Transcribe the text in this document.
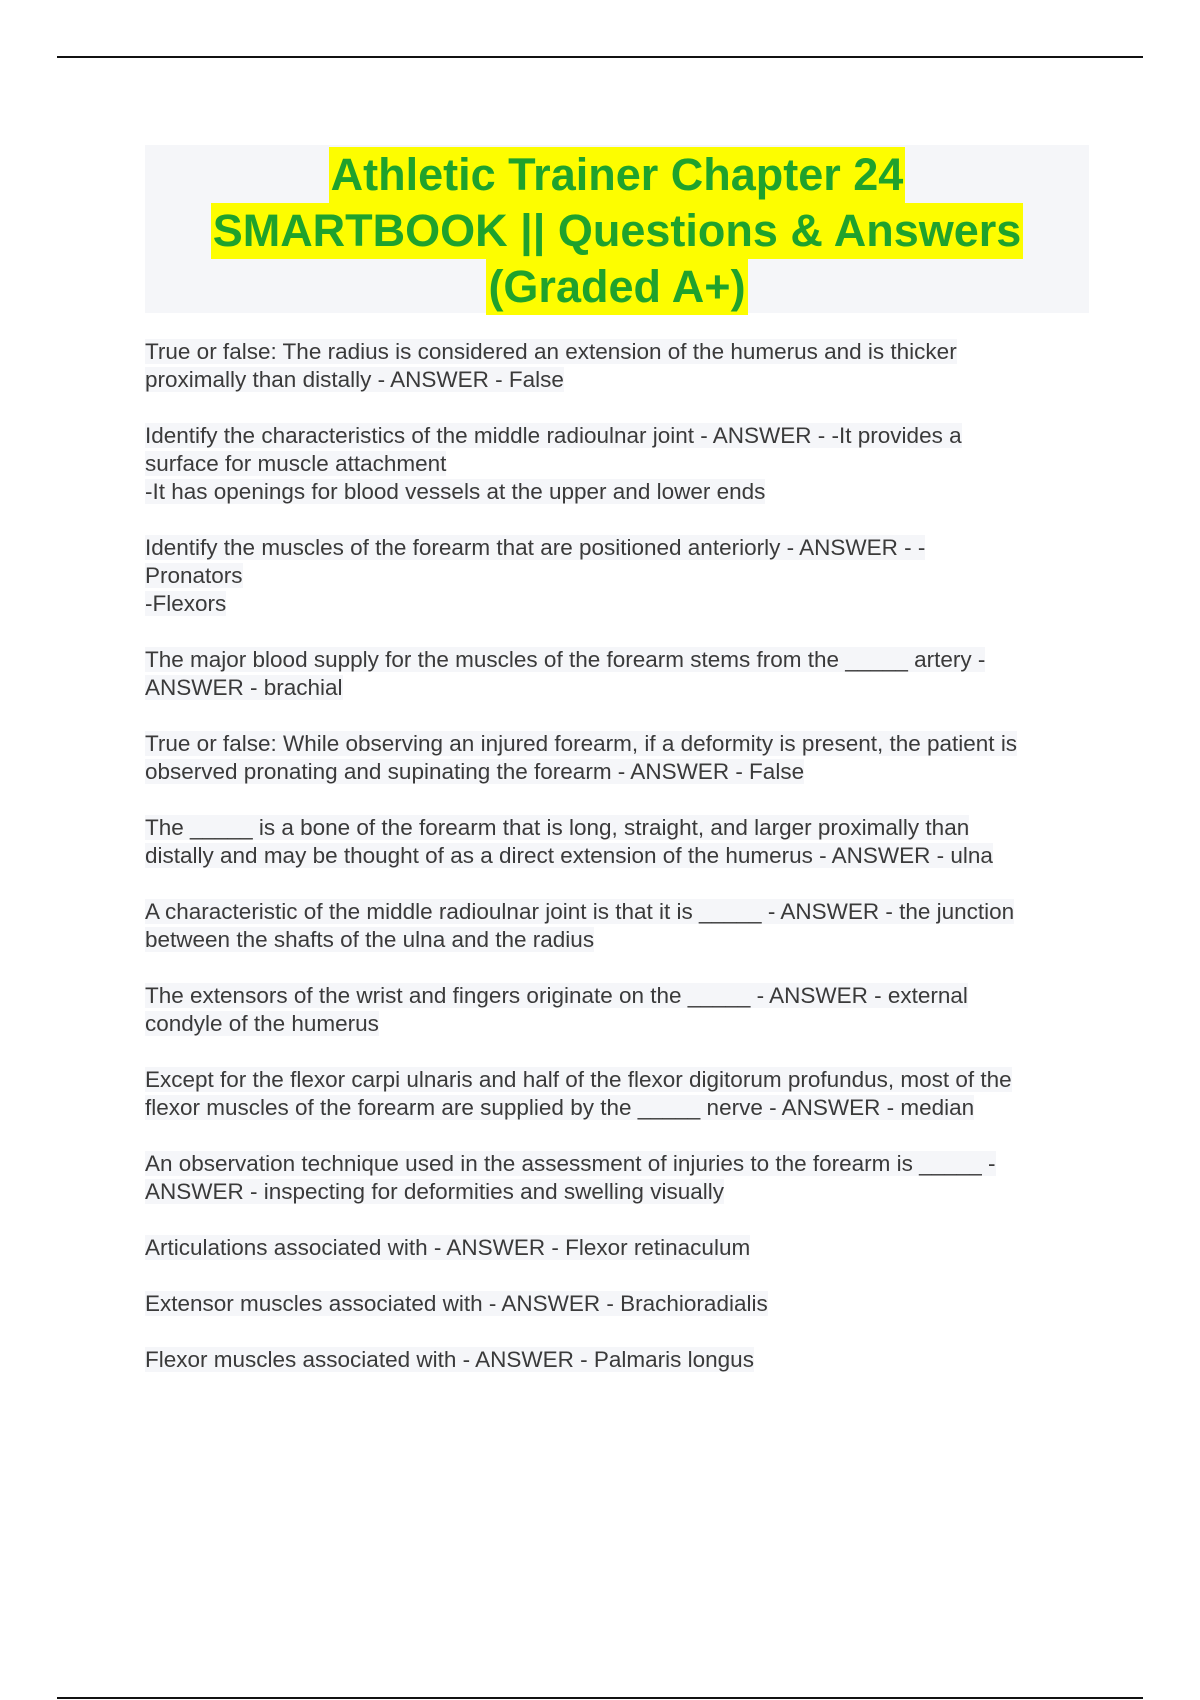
Athletic Trainer Chapter 24
SMARTBOOK || Questions & Answers
(Graded A+)
True or false: The radius is considered an extension of the humerus and is thicker
proximally than distally - ANSWER - False
Identify the characteristics of the middle radioulnar joint - ANSWER - -It provides a
surface for muscle attachment
-It has openings for blood vessels at the upper and lower ends
Identify the muscles of the forearm that are positioned anteriorly - ANSWER - -
Pronators
-Flexors
The major blood supply for the muscles of the forearm stems from the _____ artery -
ANSWER - brachial
True or false: While observing an injured forearm, if a deformity is present, the patient is
observed pronating and supinating the forearm - ANSWER - False
The _____ is a bone of the forearm that is long, straight, and larger proximally than
distally and may be thought of as a direct extension of the humerus - ANSWER - ulna
A characteristic of the middle radioulnar joint is that it is _____ - ANSWER - the junction
between the shafts of the ulna and the radius
The extensors of the wrist and fingers originate on the _____ - ANSWER - external
condyle of the humerus
Except for the flexor carpi ulnaris and half of the flexor digitorum profundus, most of the
flexor muscles of the forearm are supplied by the _____ nerve - ANSWER - median
An observation technique used in the assessment of injuries to the forearm is _____ -
ANSWER - inspecting for deformities and swelling visually
Articulations associated with - ANSWER - Flexor retinaculum
Extensor muscles associated with - ANSWER - Brachioradialis
Flexor muscles associated with - ANSWER - Palmaris longus
